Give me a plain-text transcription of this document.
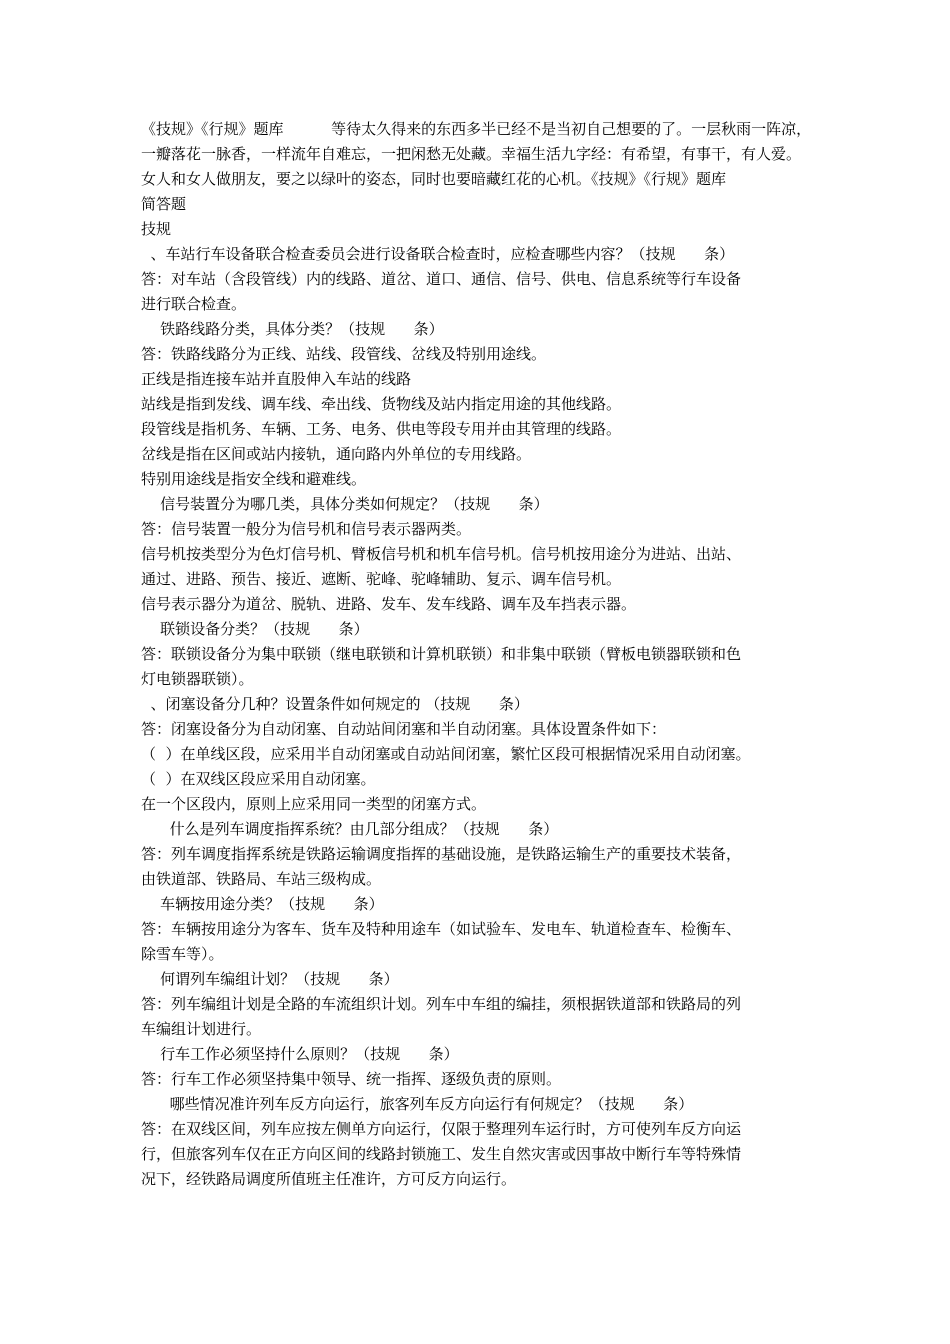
《技规》《行规》题库          等待太久得来的东西多半已经不是当初自己想要的了。一层秋雨一阵凉，一瓣落花一脉香，一样流年自难忘，一把闲愁无处藏。幸福生活九字经：有希望，有事干，有人爱。女人和女人做朋友，要之以绿叶的姿态，同时也要暗藏红花的心机。《技规》《行规》题库

简答题

技规

、车站行车设备联合检查委员会进行设备联合检查时，应检查哪些内容？（技规      条）

答：对车站（含段管线）内的线路、道岔、道口、通信、信号、供电、信息系统等行车设备

进行联合检查。

铁路线路分类，具体分类？（技规      条）

答：铁路线路分为正线、站线、段管线、岔线及特别用途线。

正线是指连接车站并直股伸入车站的线路

站线是指到发线、调车线、牵出线、货物线及站内指定用途的其他线路。

段管线是指机务、车辆、工务、电务、供电等段专用并由其管理的线路。

岔线是指在区间或站内接轨，通向路内外单位的专用线路。

特别用途线是指安全线和避难线。

信号装置分为哪几类，具体分类如何规定？（技规      条）

答：信号装置一般分为信号机和信号表示器两类。

信号机按类型分为色灯信号机、臂板信号机和机车信号机。信号机按用途分为进站、出站、

通过、进路、预告、接近、遮断、驼峰、驼峰辅助、复示、调车信号机。

信号表示器分为道岔、脱轨、进路、发车、发车线路、调车及车挡表示器。

联锁设备分类？（技规      条）

答：联锁设备分为集中联锁（继电联锁和计算机联锁）和非集中联锁（臂板电锁器联锁和色

灯电锁器联锁）。

、闭塞设备分几种？设置条件如何规定的 （技规      条）

答：闭塞设备分为自动闭塞、自动站间闭塞和半自动闭塞。具体设置条件如下：

（  ）在单线区段，应采用半自动闭塞或自动站间闭塞，繁忙区段可根据情况采用自动闭塞。

（  ）在双线区段应采用自动闭塞。

在一个区段内，原则上应采用同一类型的闭塞方式。

什么是列车调度指挥系统？由几部分组成？（技规      条）

答：列车调度指挥系统是铁路运输调度指挥的基础设施，是铁路运输生产的重要技术装备，

由铁道部、铁路局、车站三级构成。

车辆按用途分类？（技规      条）

答：车辆按用途分为客车、货车及特种用途车（如试验车、发电车、轨道检查车、检衡车、

除雪车等）。

何谓列车编组计划？（技规      条）

答：列车编组计划是全路的车流组织计划。列车中车组的编挂，须根据铁道部和铁路局的列

车编组计划进行。

行车工作必须坚持什么原则？（技规      条）

答：行车工作必须坚持集中领导、统一指挥、逐级负责的原则。

哪些情况准许列车反方向运行，旅客列车反方向运行有何规定？（技规      条）

答：在双线区间，列车应按左侧单方向运行，仅限于整理列车运行时，方可使列车反方向运

行，但旅客列车仅在正方向区间的线路封锁施工、发生自然灾害或因事故中断行车等特殊情

况下，经铁路局调度所值班主任准许，方可反方向运行。
